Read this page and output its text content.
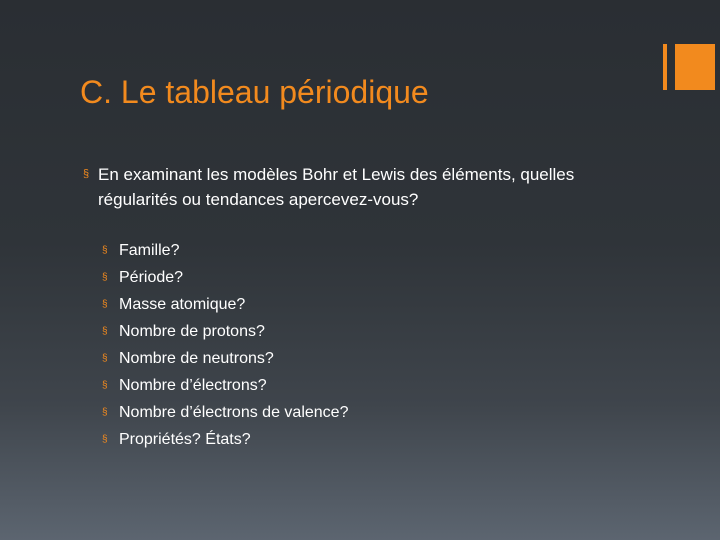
C. Le tableau périodique
§ En examinant les modèles Bohr et Lewis des éléments, quelles régularités ou tendances apercevez-vous?
§ Famille?
§ Période?
§ Masse atomique?
§ Nombre de protons?
§ Nombre de neutrons?
§ Nombre d’électrons?
§ Nombre d’électrons de valence?
§ Propriétés? États?
